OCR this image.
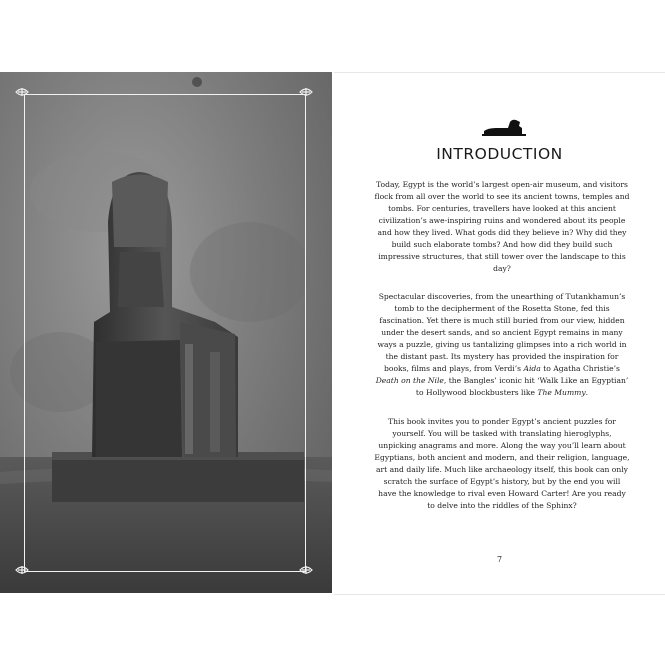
INTRODUCTION

Today, Egypt is the world’s largest open-air museum, and visitors flock from all over the world to see its ancient towns, temples and tombs. For centuries, travellers have looked at this ancient civilization’s awe-inspiring ruins and wondered about its people and how they lived. What gods did they believe in? Why did they build such elaborate tombs? And how did they build such impressive structures, that still tower over the landscape to this day?

Spectacular discoveries, from the unearthing of Tutankhamun’s tomb to the decipherment of the Rosetta Stone, fed this fascination. Yet there is much still buried from our view, hidden under the desert sands, and so ancient Egypt remains in many ways a puzzle, giving us tantalizing glimpses into a rich world in the distant past. Its mystery has provided the inspiration for books, films and plays, from Verdi’s Aida to Agatha Christie’s Death on the Nile, the Bangles’ iconic hit ‘Walk Like an Egyptian’ to Hollywood blockbusters like The Mummy.

This book invites you to ponder Egypt’s ancient puzzles for yourself. You will be tasked with translating hieroglyphs, unpicking anagrams and more. Along the way you’ll learn about Egyptians, both ancient and modern, and their religion, language, art and daily life. Much like archaeology itself, this book can only scratch the surface of Egypt’s history, but by the end you will have the knowledge to rival even Howard Carter! Are you ready to delve into the riddles of the Sphinx?

7
